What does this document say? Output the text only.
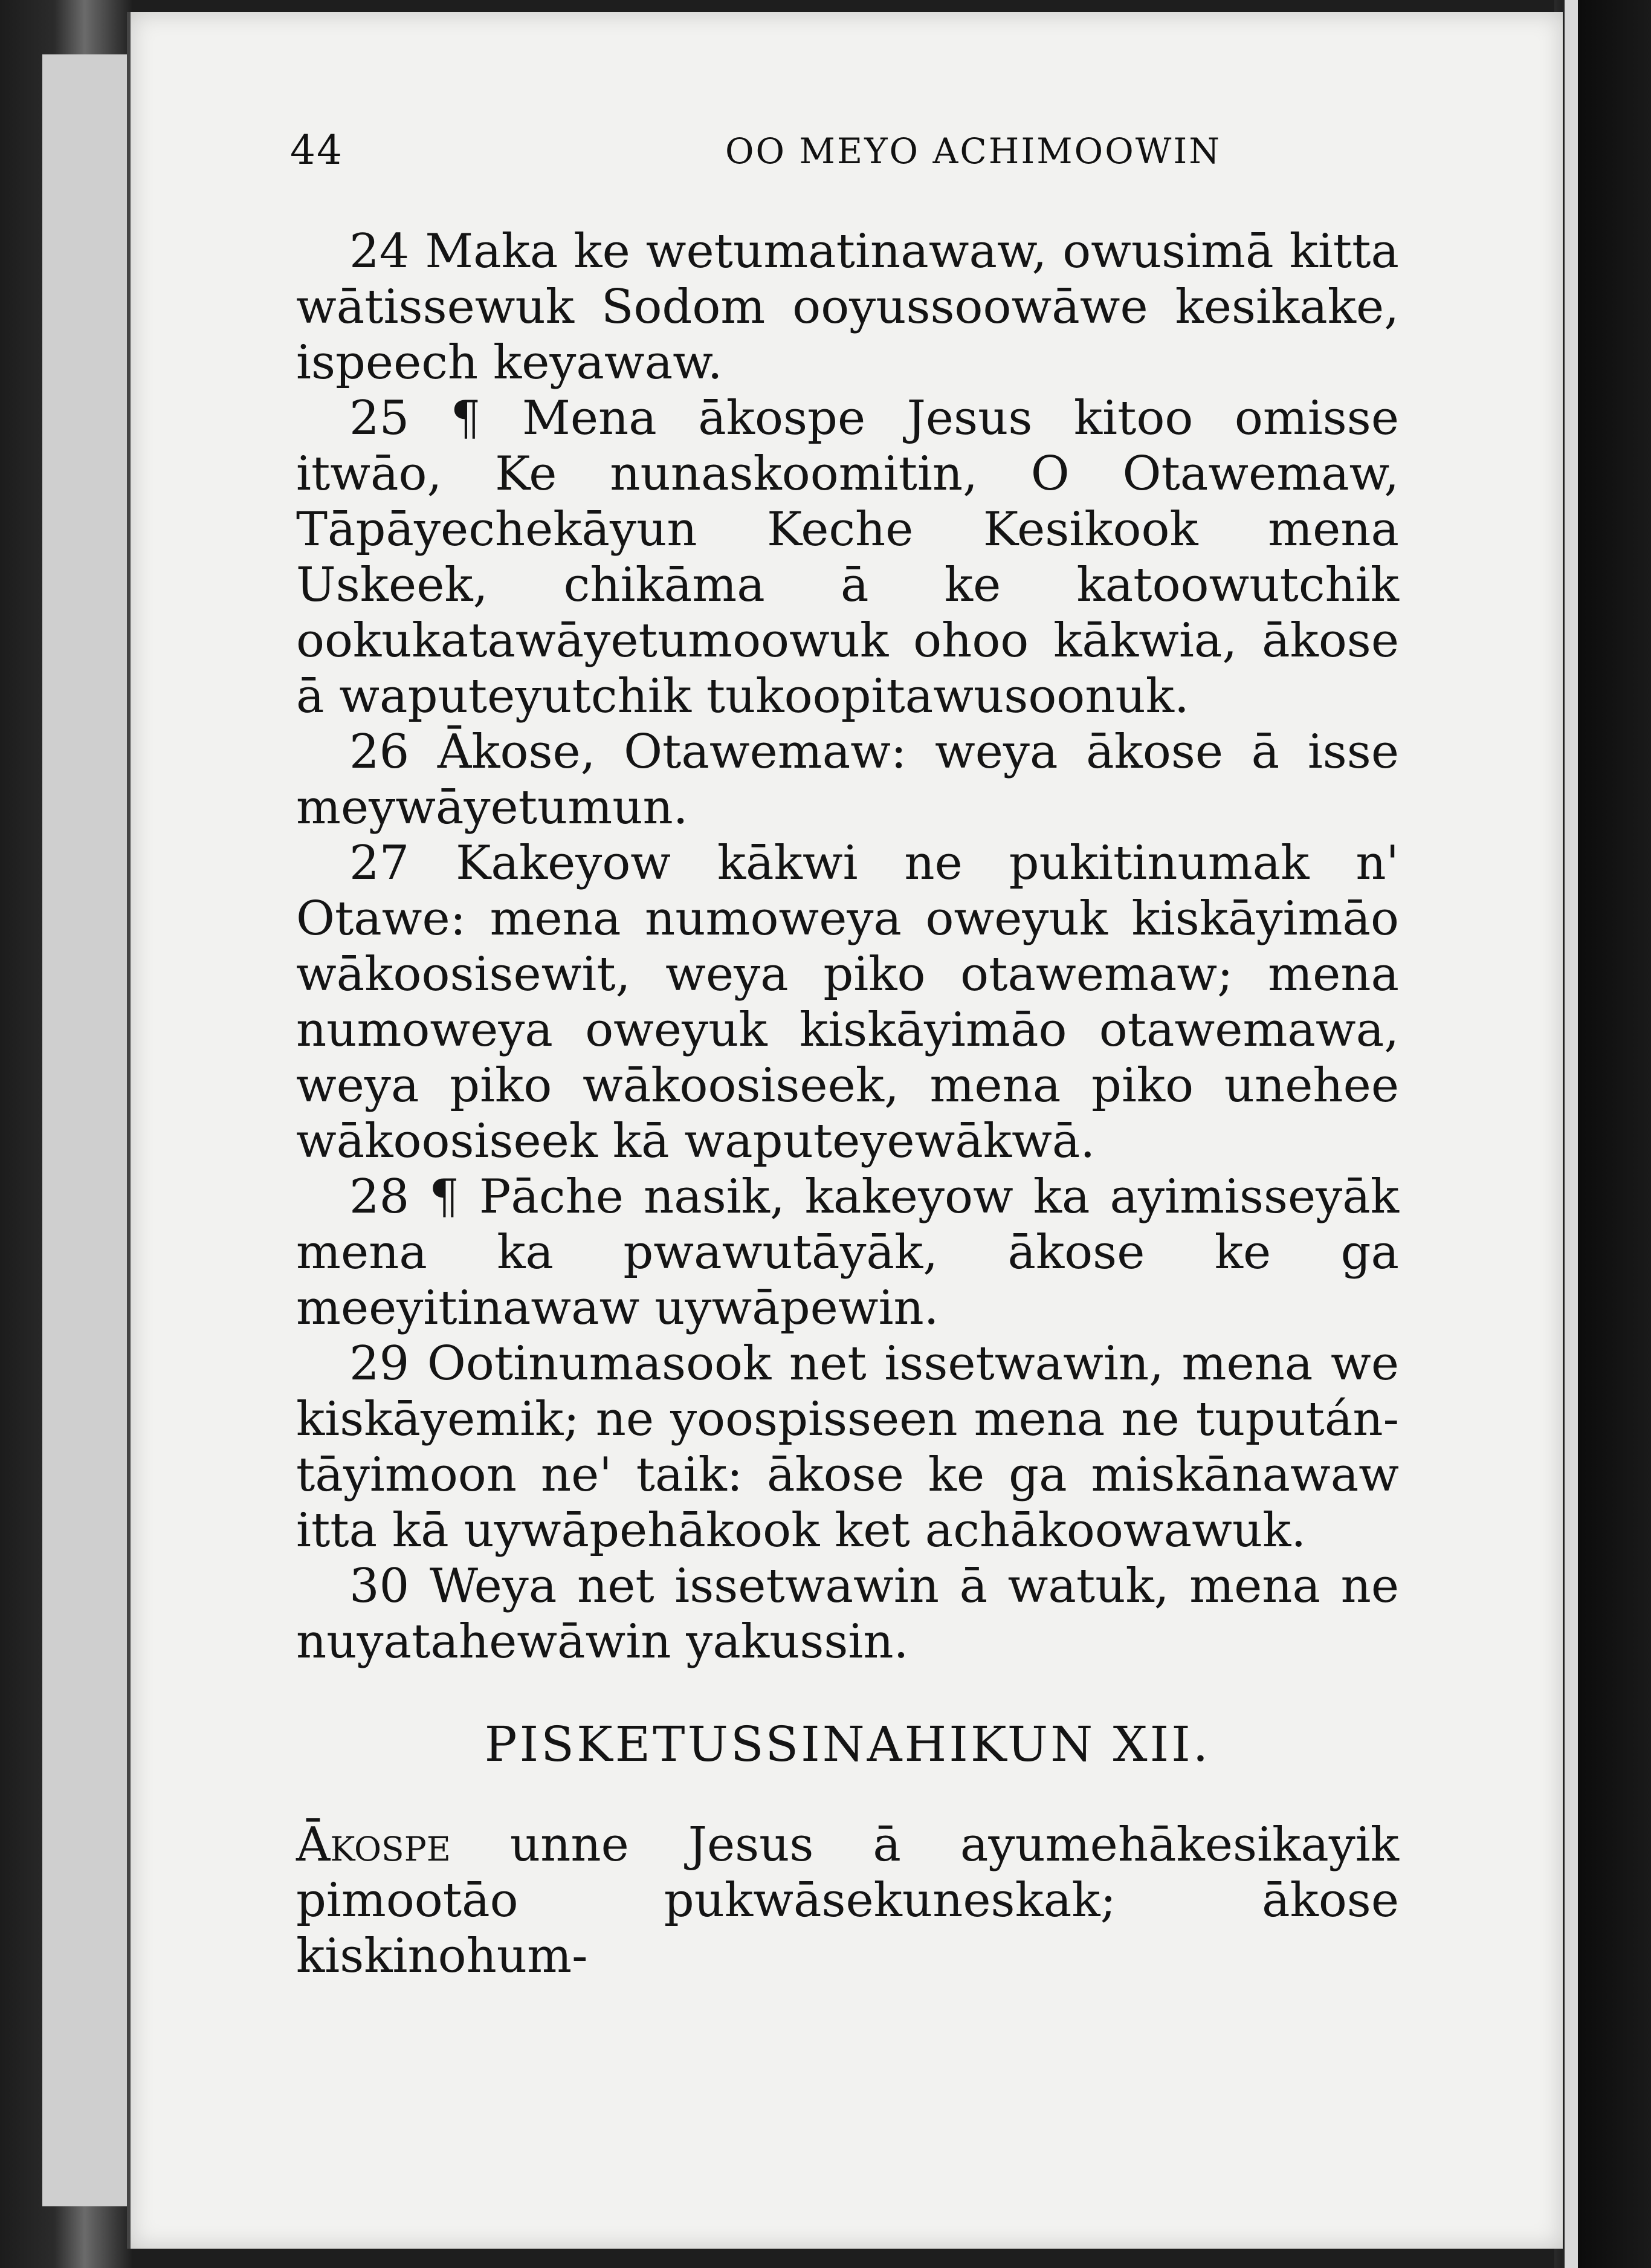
44	OO MEYO ACHIMOOWIN

24 Maka ke wetumatinawaw, owusimā kitta wātissewuk Sodom ooyussoowāwe kesikake, ispeech keyawaw.

25 ¶ Mena ākospe Jesus kitoo omisse itwāo, Ke nunaskoomitin, O Otawemaw, Tāpāyechekāyun Keche Kesikook mena Uskeek, chikāma ā ke katoowutchik ookukatawāyetumoowuk ohoo kākwia, ākose ā waputeyutchik tukoopitawusoonuk.

26 Ākose, Otawemaw: weya ākose ā isse meywāyetumun.

27 Kakeyow kākwi ne pukitinumak n' Otawe: mena numoweya oweyuk kiskāyimāo wākoosisewit, weya piko otawemaw; mena numoweya oweyuk kiskāyimāo otawemawa, weya piko wākoosiseek, mena piko unehee wākoosiseek kā waputeyewākwā.

28 ¶ Pāche nasik, kakeyow ka ayimisseyāk mena ka pwawutāyāk, ākose ke ga meeyitinawaw uywāpewin.

29 Ootinumasook net issetwawin, mena we kiskāyemik; ne yoospisseen mena ne tuputántāyimoon ne' taik: ākose ke ga miskānawaw itta kā uywāpehākook ket achākoowawuk.

30 Weya net issetwawin ā watuk, mena ne nuyatahewāwin yakussin.

PISKETUSSINAHIKUN XII.

Ākospe unne Jesus ā ayumehākesikayik pimootāo pukwāsekuneskak; ākose kiskinohum-
